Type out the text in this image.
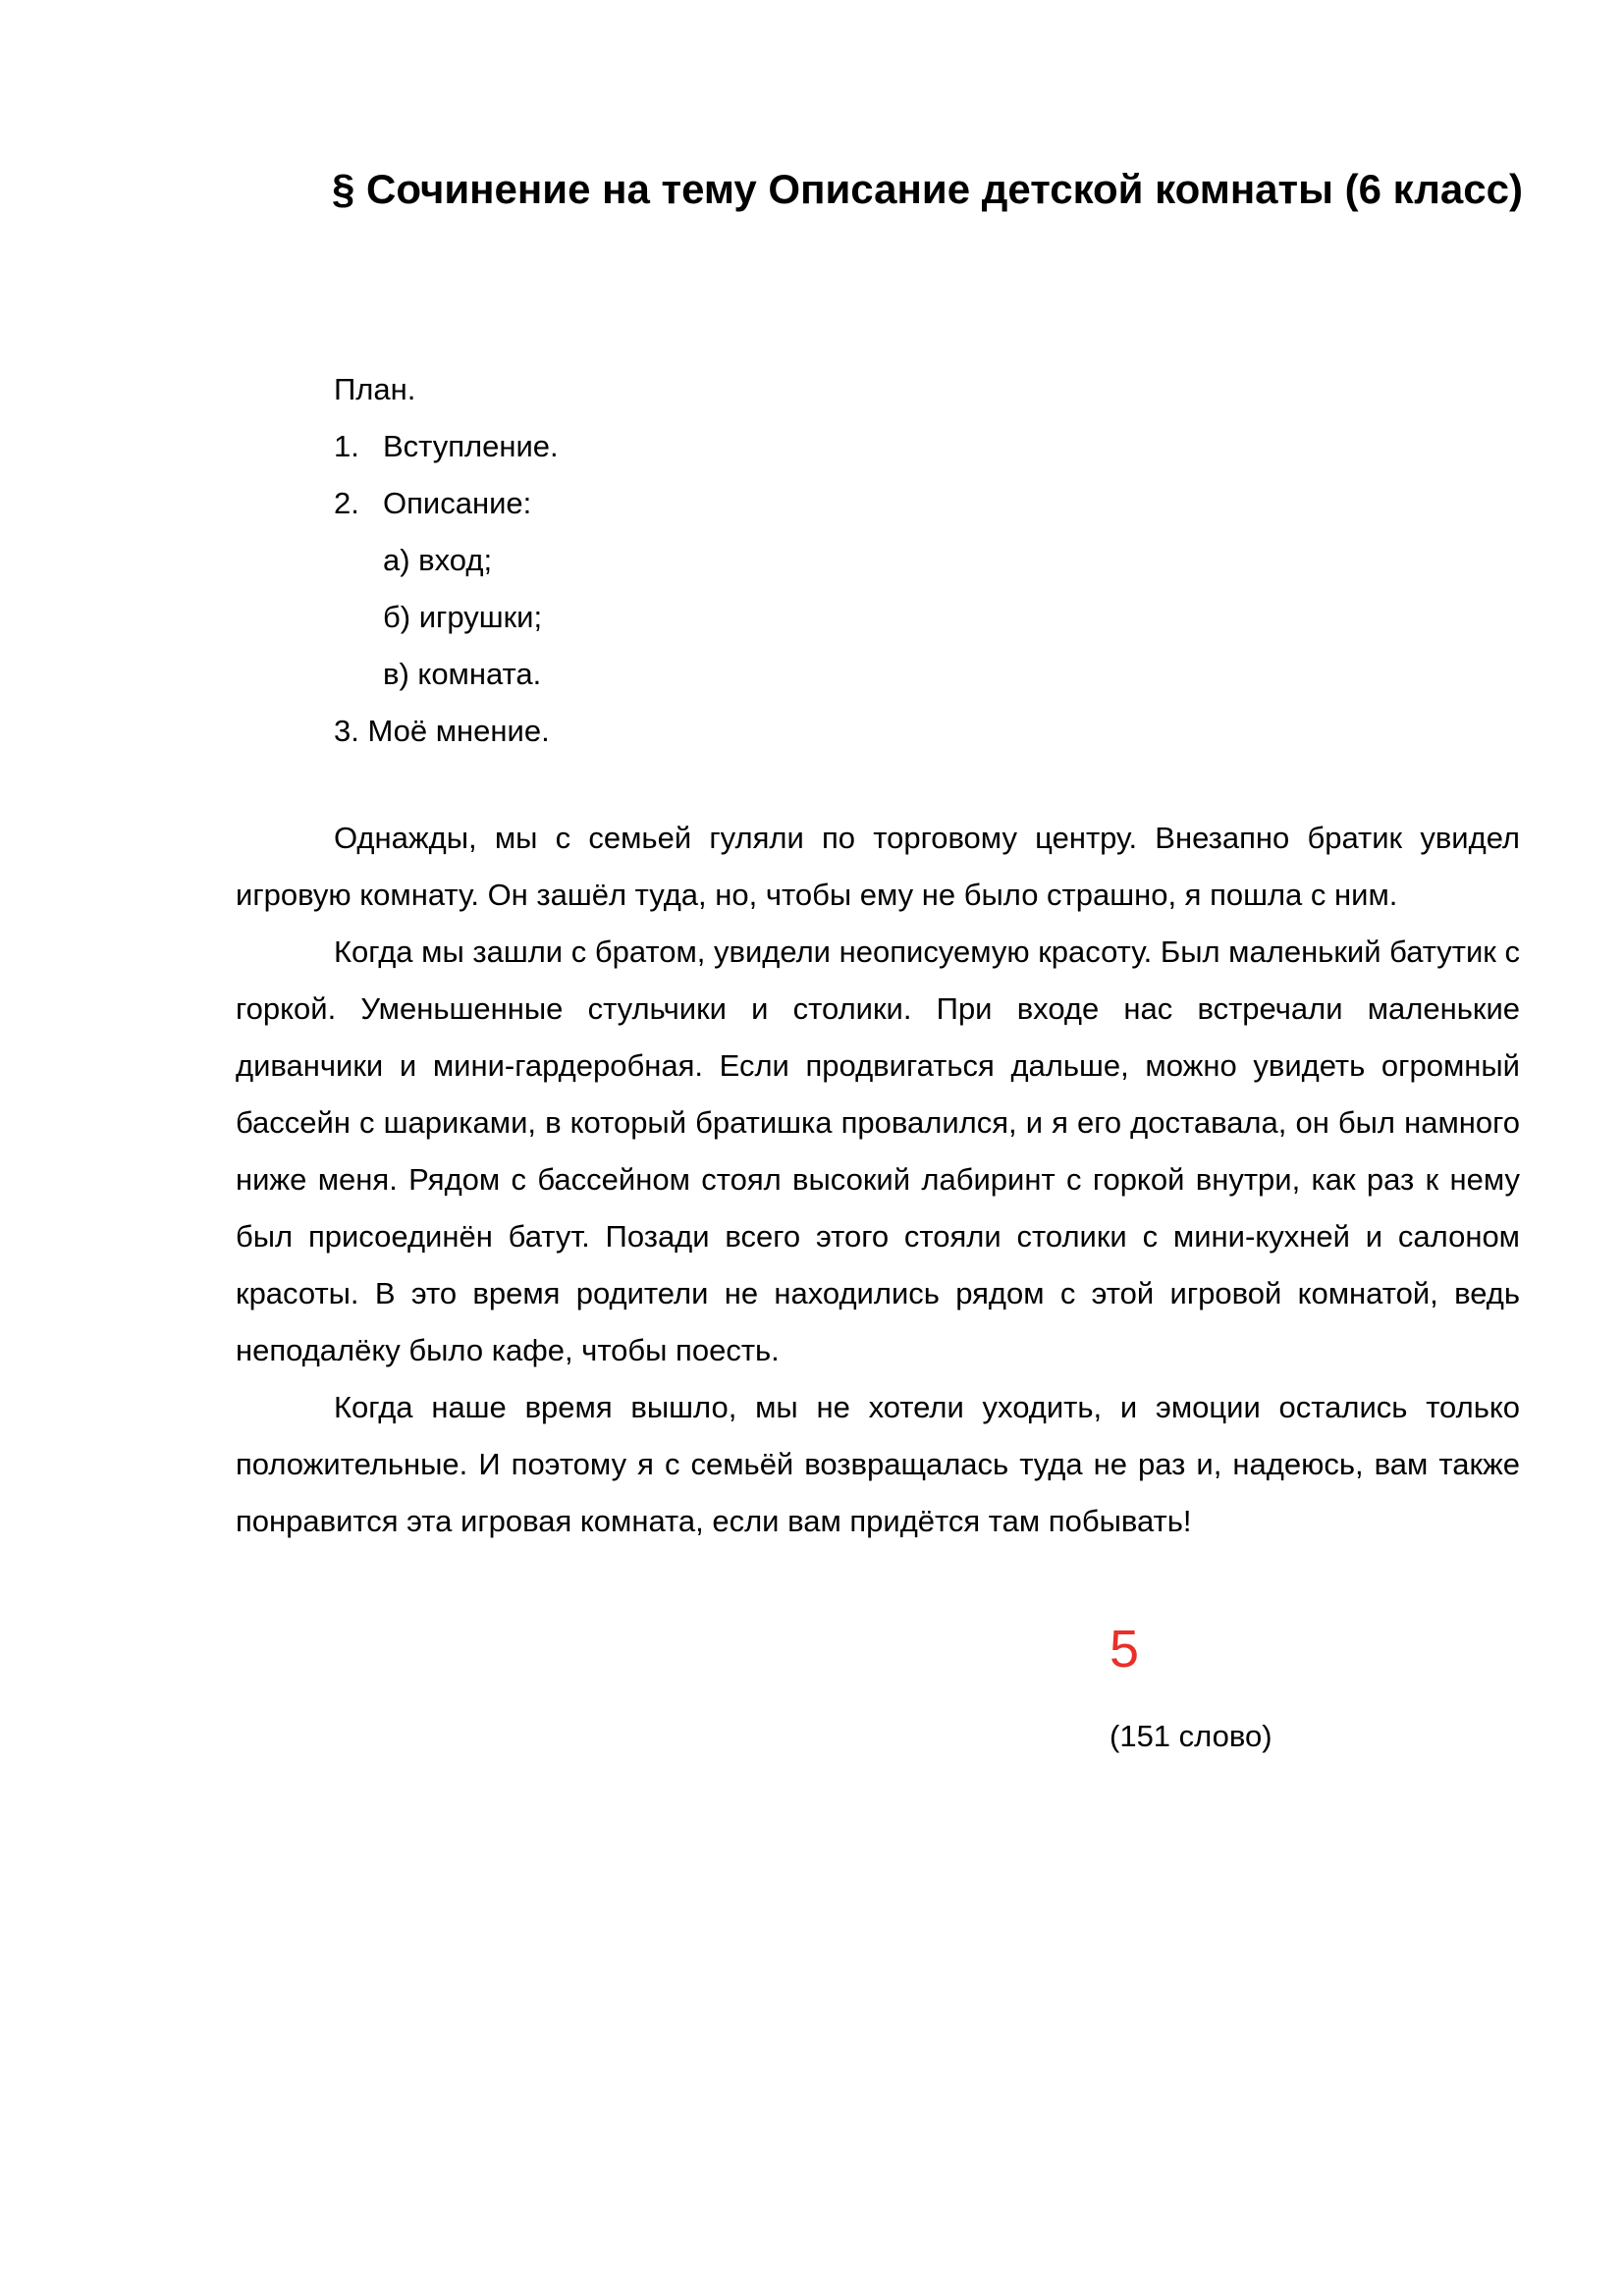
§ Сочинение на тему Описание детской комнаты (6 класс)
План.
1. Вступление.
2. Описание:
а) вход;
б) игрушки;
в) комната.
3. Моё мнение.

Однажды, мы с семьей гуляли по торговому центру. Внезапно братик увидел игровую комнату. Он зашёл туда, но, чтобы ему не было страшно, я пошла с ним.

Когда мы зашли с братом, увидели неописуемую красоту. Был маленький батутик с горкой. Уменьшенные стульчики и столики. При входе нас встречали маленькие диванчики и мини-гардеробная. Если продвигаться дальше, можно увидеть огромный бассейн с шариками, в который братишка провалился, и я его доставала, он был намного ниже меня. Рядом с бассейном стоял высокий лабиринт с горкой внутри, как раз к нему был присоединён батут. Позади всего этого стояли столики с мини-кухней и салоном красоты. В это время родители не находились рядом с этой игровой комнатой, ведь неподалёку было кафе, чтобы поесть.

Когда наше время вышло, мы не хотели уходить, и эмоции остались только положительные. И поэтому я с семьёй возвращалась туда не раз и, надеюсь, вам также понравится эта игровая комната, если вам придётся там побывать!

5
(151 слово)
